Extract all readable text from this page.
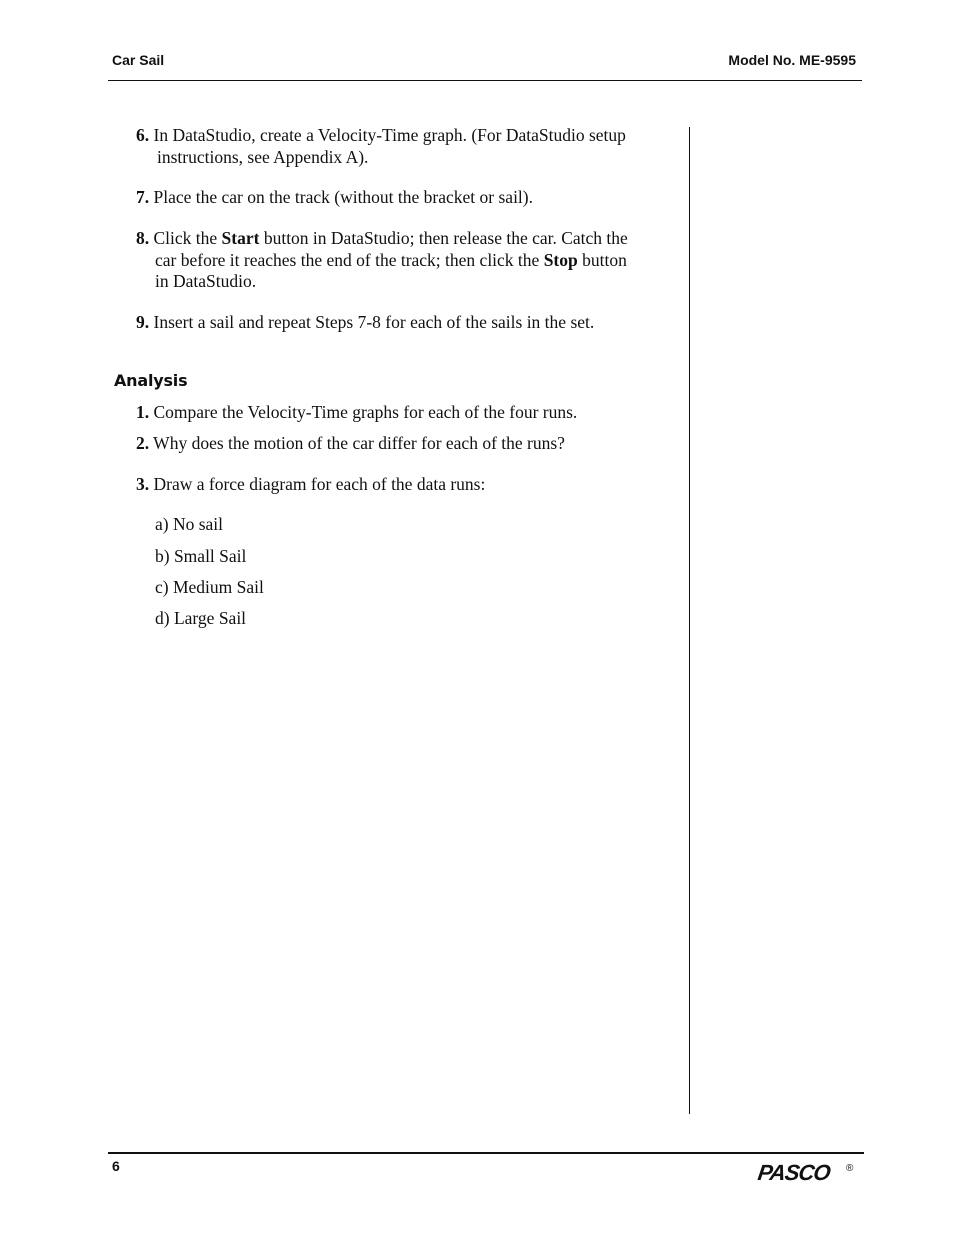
Car Sail	Model No. ME-9595
6. In DataStudio, create a Velocity-Time graph. (For DataStudio setup
instructions, see Appendix A).
7. Place the car on the track (without the bracket or sail).
8. Click the Start button in DataStudio; then release the car. Catch the
car before it reaches the end of the track; then click the Stop button
in DataStudio.
9. Insert a sail and repeat Steps 7-8 for each of the sails in the set.
Analysis
1. Compare the Velocity-Time graphs for each of the four runs.
2. Why does the motion of the car differ for each of the runs?
3. Draw a force diagram for each of the data runs:
a) No sail
b) Small Sail
c) Medium Sail
d) Large Sail
6	PASCO ®
